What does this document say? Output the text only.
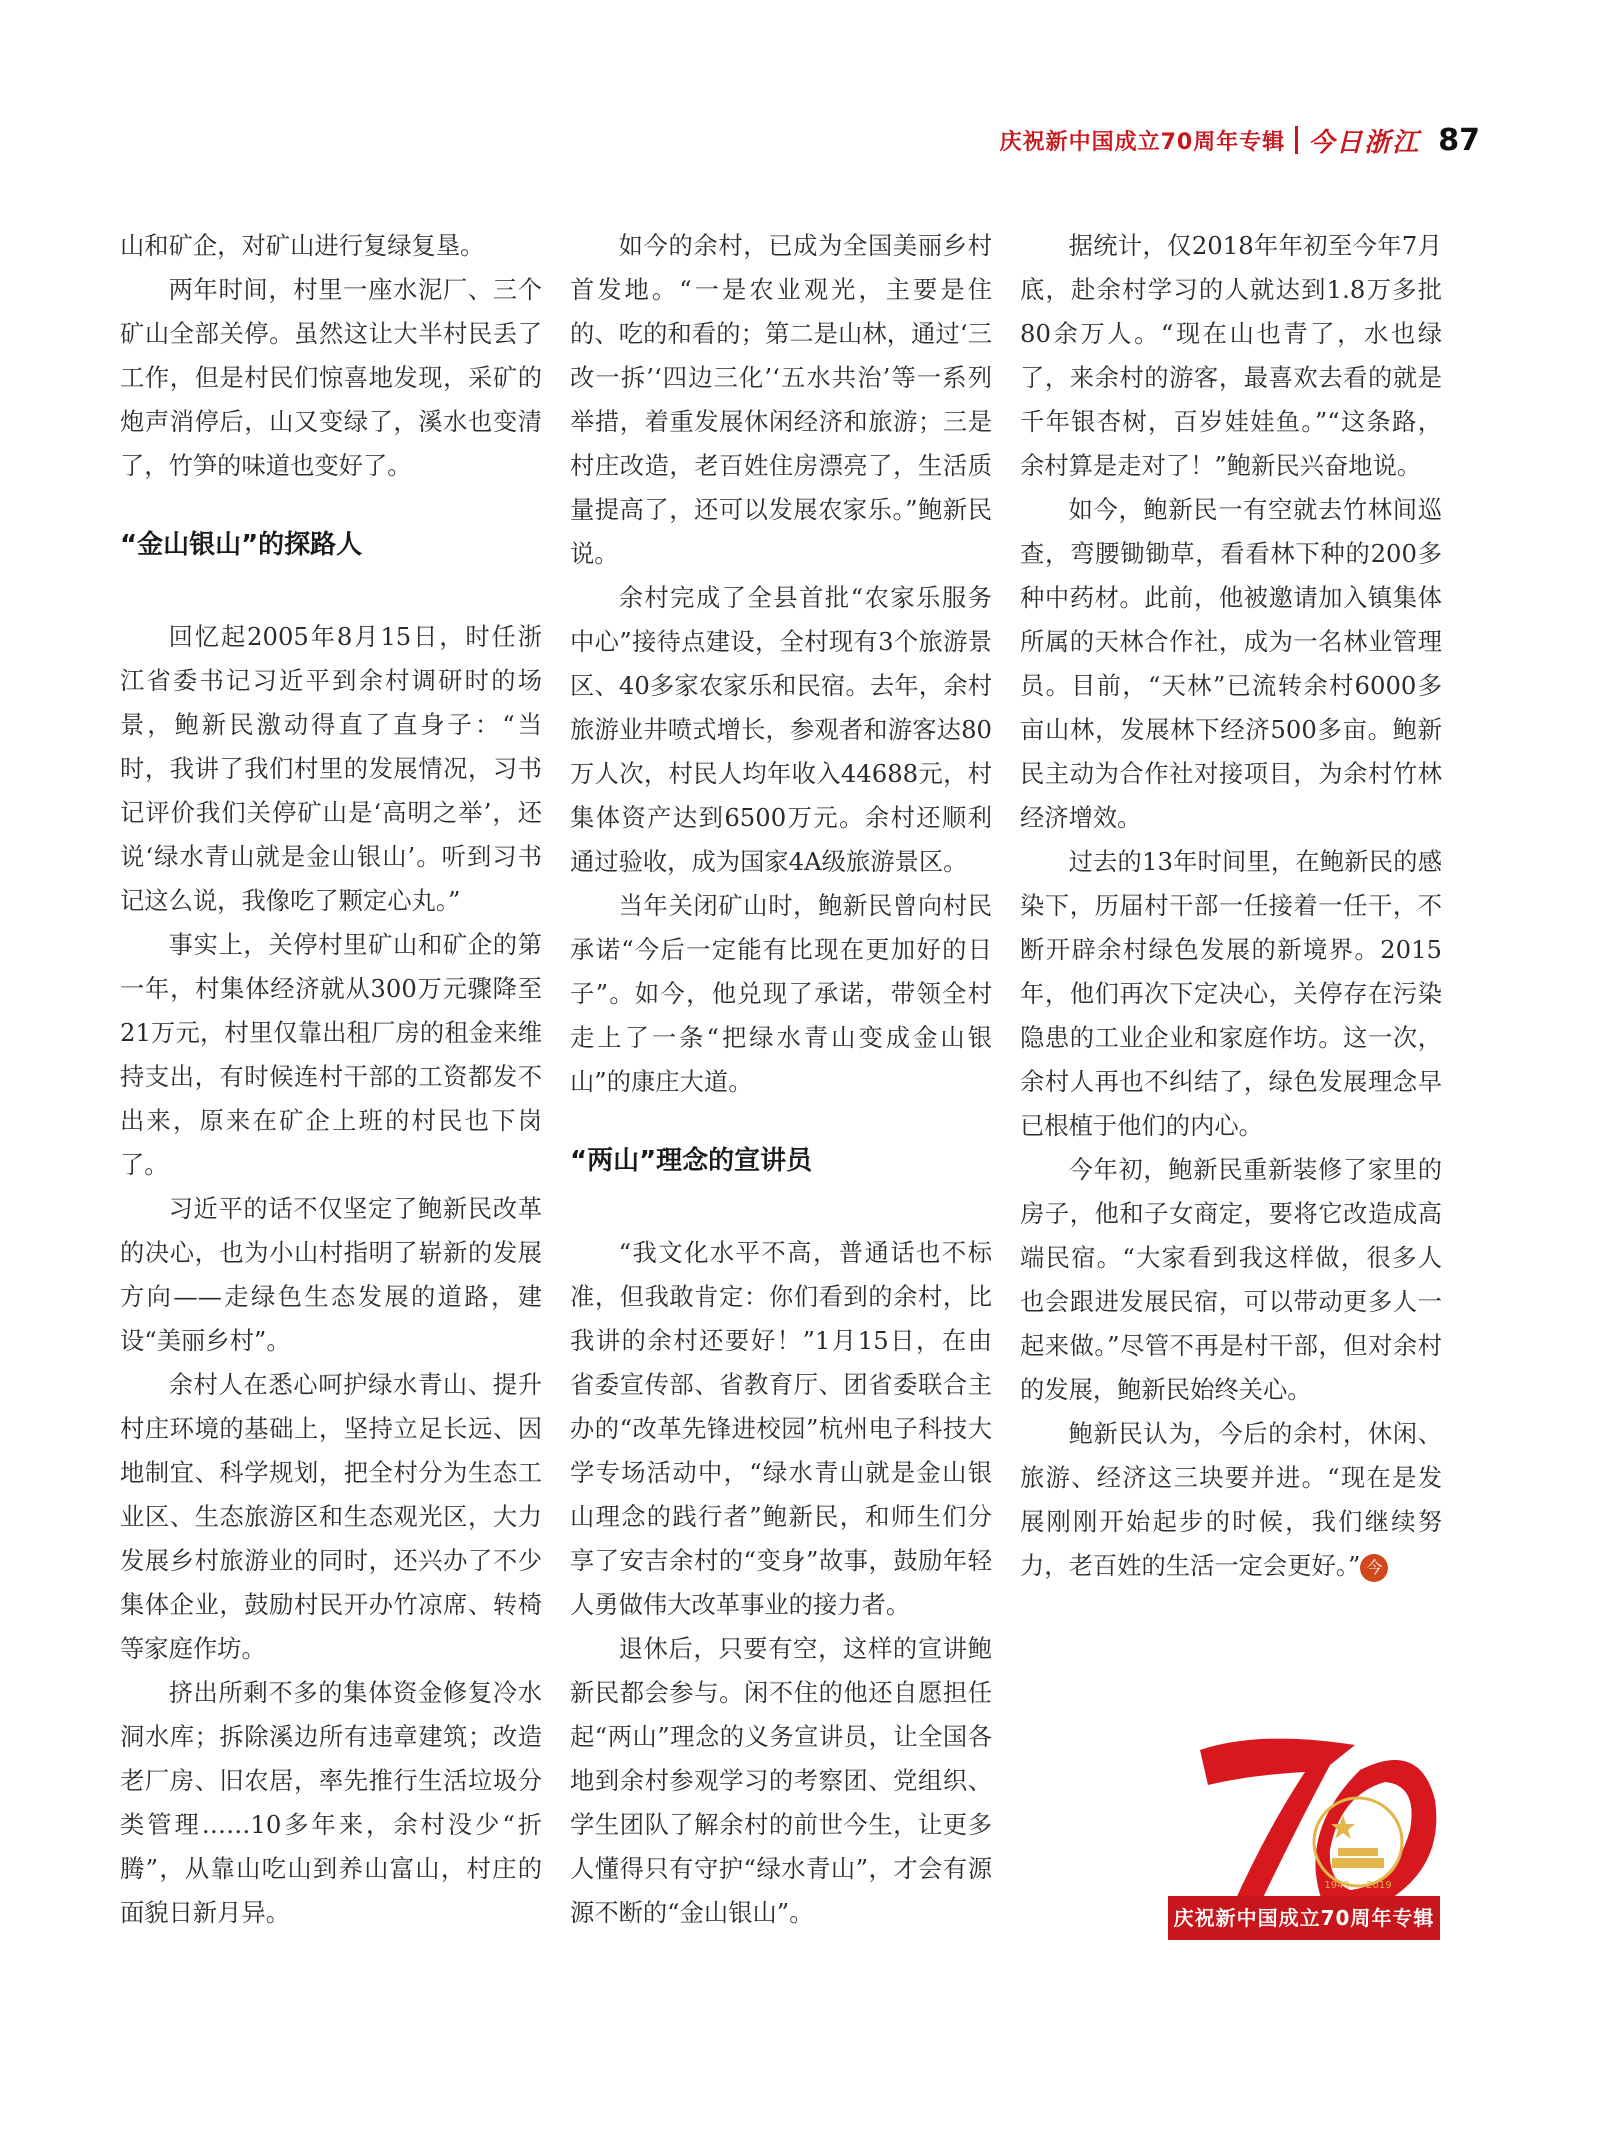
庆祝新中国成立70周年专辑 今日浙江 87

山和矿企，对矿山进行复绿复垦。

两年时间，村里一座水泥厂、三个矿山全部关停。虽然这让大半村民丢了工作，但是村民们惊喜地发现，采矿的炮声消停后，山又变绿了，溪水也变清了，竹笋的味道也变好了。

“金山银山”的探路人

回忆起2005年8月15日，时任浙江省委书记习近平到余村调研时的场景，鲍新民激动得直了直身子：“当时，我讲了我们村里的发展情况，习书记评价我们关停矿山是‘高明之举’，还说‘绿水青山就是金山银山’。听到习书记这么说，我像吃了颗定心丸。”

事实上，关停村里矿山和矿企的第一年，村集体经济就从300万元骤降至21万元，村里仅靠出租厂房的租金来维持支出，有时候连村干部的工资都发不出来，原来在矿企上班的村民也下岗了。

习近平的话不仅坚定了鲍新民改革的决心，也为小山村指明了崭新的发展方向——走绿色生态发展的道路，建设“美丽乡村”。

余村人在悉心呵护绿水青山、提升村庄环境的基础上，坚持立足长远、因地制宜、科学规划，把全村分为生态工业区、生态旅游区和生态观光区，大力发展乡村旅游业的同时，还兴办了不少集体企业，鼓励村民开办竹凉席、转椅等家庭作坊。

挤出所剩不多的集体资金修复冷水洞水库；拆除溪边所有违章建筑；改造老厂房、旧农居，率先推行生活垃圾分类管理……10多年来，余村没少“折腾”，从靠山吃山到养山富山，村庄的面貌日新月异。

如今的余村，已成为全国美丽乡村首发地。“一是农业观光，主要是住的、吃的和看的；第二是山林，通过‘三改一拆’‘四边三化’‘五水共治’等一系列举措，着重发展休闲经济和旅游；三是村庄改造，老百姓住房漂亮了，生活质量提高了，还可以发展农家乐。”鲍新民说。

余村完成了全县首批“农家乐服务中心”接待点建设，全村现有3个旅游景区、40多家农家乐和民宿。去年，余村旅游业井喷式增长，参观者和游客达80万人次，村民人均年收入44688元，村集体资产达到6500万元。余村还顺利通过验收，成为国家4A级旅游景区。

当年关闭矿山时，鲍新民曾向村民承诺“今后一定能有比现在更加好的日子”。如今，他兑现了承诺，带领全村走上了一条“把绿水青山变成金山银山”的康庄大道。

“两山”理念的宣讲员

“我文化水平不高，普通话也不标准，但我敢肯定：你们看到的余村，比我讲的余村还要好！”1月15日，在由省委宣传部、省教育厅、团省委联合主办的“改革先锋进校园”杭州电子科技大学专场活动中，“绿水青山就是金山银山理念的践行者”鲍新民，和师生们分享了安吉余村的“变身”故事，鼓励年轻人勇做伟大改革事业的接力者。

退休后，只要有空，这样的宣讲鲍新民都会参与。闲不住的他还自愿担任起“两山”理念的义务宣讲员，让全国各地到余村参观学习的考察团、党组织、学生团队了解余村的前世今生，让更多人懂得只有守护“绿水青山”，才会有源源不断的“金山银山”。

据统计，仅2018年年初至今年7月底，赴余村学习的人就达到1.8万多批80余万人。“现在山也青了，水也绿了，来余村的游客，最喜欢去看的就是千年银杏树，百岁娃娃鱼。”“这条路，余村算是走对了！”鲍新民兴奋地说。

如今，鲍新民一有空就去竹林间巡查，弯腰锄锄草，看看林下种的200多种中药材。此前，他被邀请加入镇集体所属的天林合作社，成为一名林业管理员。目前，“天林”已流转余村6000多亩山林，发展林下经济500多亩。鲍新民主动为合作社对接项目，为余村竹林经济增效。

过去的13年时间里，在鲍新民的感染下，历届村干部一任接着一任干，不断开辟余村绿色发展的新境界。2015年，他们再次下定决心，关停存在污染隐患的工业企业和家庭作坊。这一次，余村人再也不纠结了，绿色发展理念早已根植于他们的内心。

今年初，鲍新民重新装修了家里的房子，他和子女商定，要将它改造成高端民宿。“大家看到我这样做，很多人也会跟进发展民宿，可以带动更多人一起来做。”尽管不再是村干部，但对余村的发展，鲍新民始终关心。

鲍新民认为，今后的余村，休闲、旅游、经济这三块要并进。“现在是发展刚刚开始起步的时候，我们继续努力，老百姓的生活一定会更好。” 今

1949 — 2019
庆祝新中国成立70周年专辑
